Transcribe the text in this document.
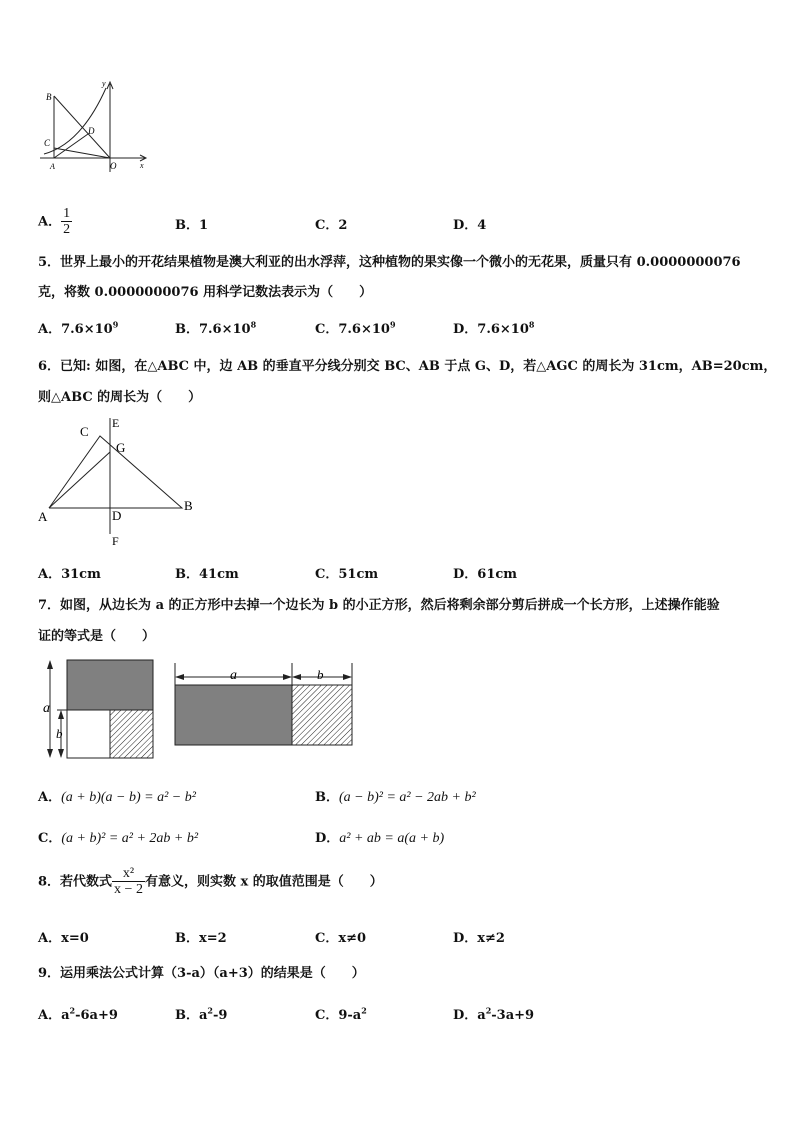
B
C
D
A	O
y
x
A． $\frac{1}{2}$	B．1	C．2	D．4
5．世界上最小的开花结果植物是澳大利亚的出水浮萍，这种植物的果实像一个微小的无花果，质量只有 0.0000000076
克，将数 0.0000000076 用科学记数法表示为（　　）
A．$7.6\times 10^9$	B．$7.6\times 10^8$	C．$7.6\times 10^9$	D．$7.6\times 10^8$
6．已知: 如图，在△ABC 中，边 AB 的垂直平分线分别交 BC、AB 于点 G、D，若△AGC 的周长为 31cm，AB=20cm，
则△ABC 的周长为（　　）
C
E
G
A	D
B
F
A．31cm	B．41cm	C．51cm	D．61cm
7．如图，从边长为 a 的正方形中去掉一个边长为 b 的小正方形，然后将剩余部分剪后拼成一个长方形，上述操作能验
证的等式是（　　）
a
b
a	b
A．(a + b)(a − b) = a² − b²	B．(a − b)² = a² − 2ab + b²
C．(a + b)² = a² + 2ab + b²	D．a² + ab = a(a + b)
8．若代数式 $\frac{\text{x²}}{x - 2}$ 有意义，则实数 x 的取值范围是（　　）
A．x=0	B．x=2	C．x≠0	D．x≠2
9．运用乘法公式计算（3-a）（a+3）的结果是（　　）
A．$a^2-6a+9$	B．$a^2-9$	C．$9-a^2$	D．$a^2-3a+9$
